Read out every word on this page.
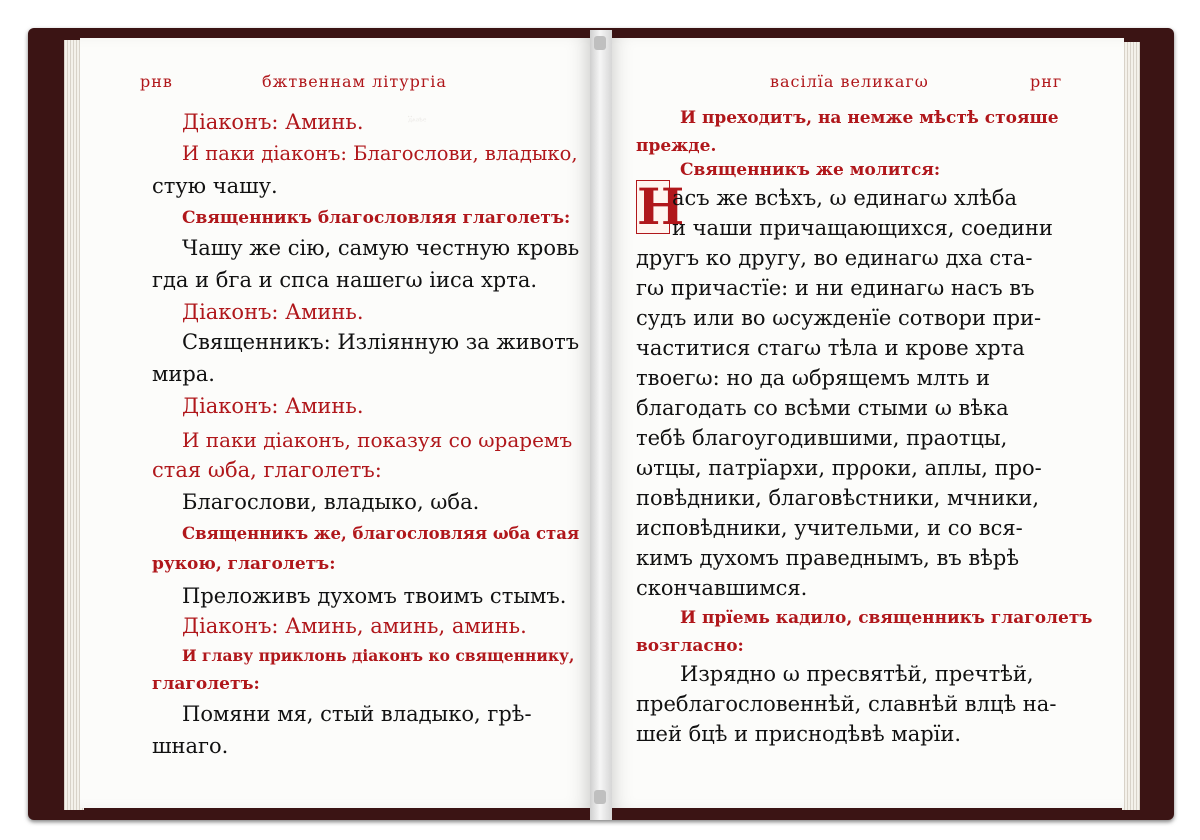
ⷣ̈ ⷽ ⷶ ⷺ ⷷ
рнв	бжтвеннам літургіа
Діаконъ: Аминь.
И паки діаконъ: Благослови, владыко,
стую чашу.
Священникъ благословляя глаголетъ:
Чашу же сію, самую честную кровь
гда и бга и спса нашегω іиса хрта.
Діаконъ: Аминь.
Священникъ: Излiянную за животъ
мира.
Діаконъ: Аминь.
И паки діаконъ, показуя со ωраремъ
стая ωба, глаголетъ:
Благослови, владыко, ωба.
Священникъ же, благословляя ωба стая
рукою, глаголетъ:
Преложивъ духомъ твоимъ стымъ.
Діаконъ: Аминь, аминь, аминь.
И главу приклонь діаконъ ко священнику,
глаголетъ:
Помяни мя, стый владыко, грѣ-
шнаго.
васілїа великагω	рнг
Н
И преходитъ, на немже мѣстѣ стояше
прежде.
Священникъ же молится:
асъ же всѣхъ, ω единагω хлѣба
и чаши причащающихся, соедини
другъ ко другу, во единагω дха ста-
гω причастїе: и ни единагω насъ въ
судъ или во ωсужденїе сотвори при-
частитися стагω тѣла и крове хрта
твоегω: но да ωбрящемъ млть и
благодать со всѣми стыми ω вѣка
тебѣ благоугодившими, праотцы,
ωтцы, патрїархи, прροки, аплы, про-
повѣдники, благовѣстники, мчники,
исповѣдники, учительми, и со вся-
кимъ духомъ праведнымъ, въ вѣрѣ
скончавшимся.
И прїемь кадило, священникъ глаголетъ
возгласно:
Изрядно ω пресвятѣй, пречтѣй,
преблагословеннѣй, славнѣй влцѣ на-
шей бцѣ и приснодѣвѣ марїи.
